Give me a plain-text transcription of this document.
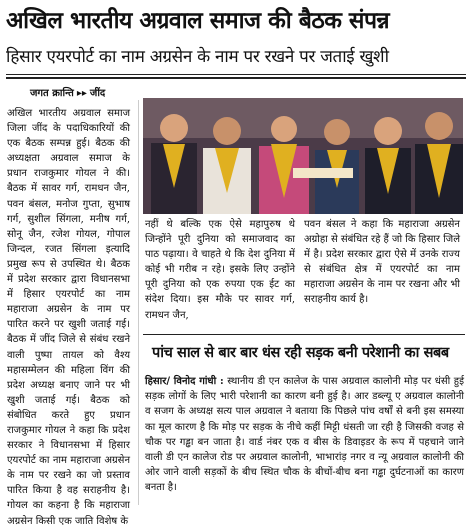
अखिल भारतीय अग्रवाल समाज की बैठक संपन्न
हिसार एयरपोर्ट का नाम अग्रसेन के नाम पर रखने पर जताई खुशी
जगत क्रान्ति ▸▸ जींद
अखिल भारतीय अग्रवाल समाज जिला जींद के पदाधिकारियों की एक बैठक सम्पन्न हुई। बैठक की अध्यक्षता अग्रवाल समाज के प्रधान राजकुमार गोयल ने की। बैठक में सावर गर्ग, रामधन जैन, पवन बंसल, मनोज गुप्ता, सुभाष गर्ग, सुशील सिंगला, मनीष गर्ग, सोनू जैन, रजेश गोयल, गोपाल जिन्दल, रजत सिंगला इत्यादि प्रमुख रूप से उपस्थित थे। बैठक में प्रदेश सरकार द्वारा विधानसभा में हिसार एयरपोर्ट का नाम महाराजा अग्रसेन के नाम पर पारित करने पर खुशी जताई गई। बैठक में जींद जिले से संबंध रखने वाली पुष्पा तायल को वैश्य महासम्मेलन की महिला विंग की प्रदेश अध्यक्ष बनाए जाने पर भी खुशी जताई गई। बैठक को संबोधित करते हुए प्रधान राजकुमार गोयल ने कहा कि प्रदेश सरकार ने विधानसभा में हिसार एयरपोर्ट का नाम महाराजा अग्रसेन के नाम पर रखने का जो प्रस्ताव पारित किया है वह सराहनीय है। गोयल का कहना है कि महाराजा अग्रसेन किसी एक जाति विशेष के
नहीं थे बल्कि एक ऐसे महापुरुष थे जिन्होंने पूरी दुनिया को समाजवाद का पाठ पढ़ाया। वे चाहते थे कि देश दुनिया में कोई भी गरीब न रहे। इसके लिए उन्होंने पूरी दुनिया को एक रुपया एक ईट का संदेश दिया। इस मौके पर सावर गर्ग, रामधन जैन,
पवन बंसल ने कहा कि महाराजा अग्रसेन अग्रोहा से संबंधित रहे हैं जो कि हिसार जिले में है। प्रदेश सरकार द्वारा ऐसे में उनके राज्य से संबंधित क्षेत्र में एयरपोर्ट का नाम महाराजा अग्रसेन के नाम पर रखना और भी सराहनीय कार्य है।
पांच साल से बार बार धंस रही सड़क बनी परेशानी का सबब
हिसार/ विनोद गांधी : स्थानीय डी एन कालेज के पास अग्रवाल कालोनी मोड़ पर धंसी हुई सड़क लोगों के लिए भारी परेशानी का कारण बनी हुई है। आर डब्ल्यू ए अग्रवाल कालोनी व सजग के अध्यक्ष सत्य पाल अग्रवाल ने बताया कि पिछले पांच वर्षों से बनी इस समस्या का मूल कारण है कि मोड़ पर सड़क के नीचे कहीं मिट्टी धंसती जा रही है जिसकी वजह से चौक पर गड्ढा बन जाता है। वार्ड नंबर एक व बीस के डिवाइडर के रूप में पहचाने जाने वाली डी एन कालेज रोड पर अग्रवाल कालोनी, भाभारांड़ नगर व न्यू अग्रवाल कालोनी की ओर जाने वाली सड़कों के बीच स्थित चौक के बीचों-बीच बना गड्ढा दुर्घटनाओं का कारण बनता है।
